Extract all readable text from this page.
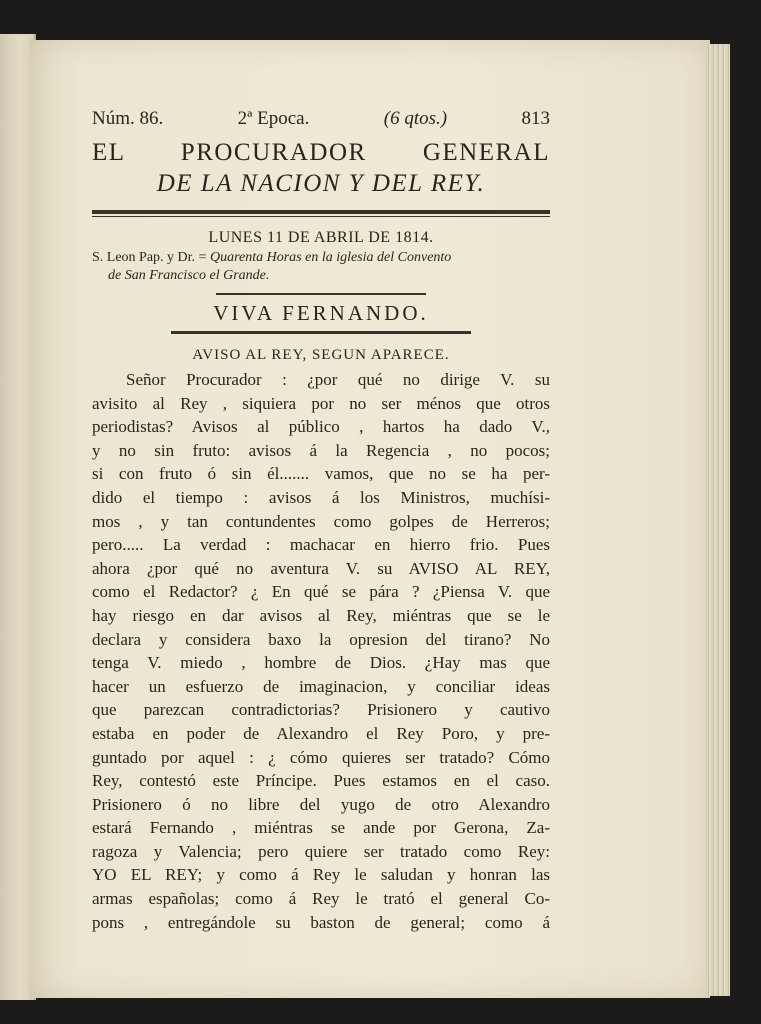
Núm. 86.	2ª Epoca.	(6 qtos.)	813
EL PROCURADOR GENERAL
DE LA NACION Y DEL REY.
LUNES 11 DE ABRIL DE 1814.
S. Leon Pap. y Dr. = Quarenta Horas en la iglesia del Convento
de San Francisco el Grande.
VIVA FERNANDO.
AVISO AL REY, SEGUN APARECE.
Señor Procurador : ¿por qué no dirige V. su
avisito al Rey , siquiera por no ser ménos que otros
periodistas? Avisos al público , hartos ha dado V.,
y no sin fruto: avisos á la Regencia , no pocos;
si con fruto ó sin él....... vamos, que no se ha per-
dido el tiempo : avisos á los Ministros, muchísi-
mos , y tan contundentes como golpes de Herreros;
pero..... La verdad : machacar en hierro frio. Pues
ahora ¿por qué no aventura V. su AVISO AL REY,
como el Redactor? ¿ En qué se pára ? ¿Piensa V. que
hay riesgo en dar avisos al Rey, miéntras que se le
declara y considera baxo la opresion del tirano? No
tenga V. miedo , hombre de Dios. ¿Hay mas que
hacer un esfuerzo de imaginacion, y conciliar ideas
que parezcan contradictorias? Prisionero y cautivo
estaba en poder de Alexandro el Rey Poro, y pre-
guntado por aquel : ¿ cómo quieres ser tratado? Cómo
Rey, contestó este Príncipe. Pues estamos en el caso.
Prisionero ó no libre del yugo de otro Alexandro
estará Fernando , miéntras se ande por Gerona, Za-
ragoza y Valencia; pero quiere ser tratado como Rey:
YO EL REY; y como á Rey le saludan y honran las
armas españolas; como á Rey le trató el general Co-
pons , entregándole su baston de general; como á
